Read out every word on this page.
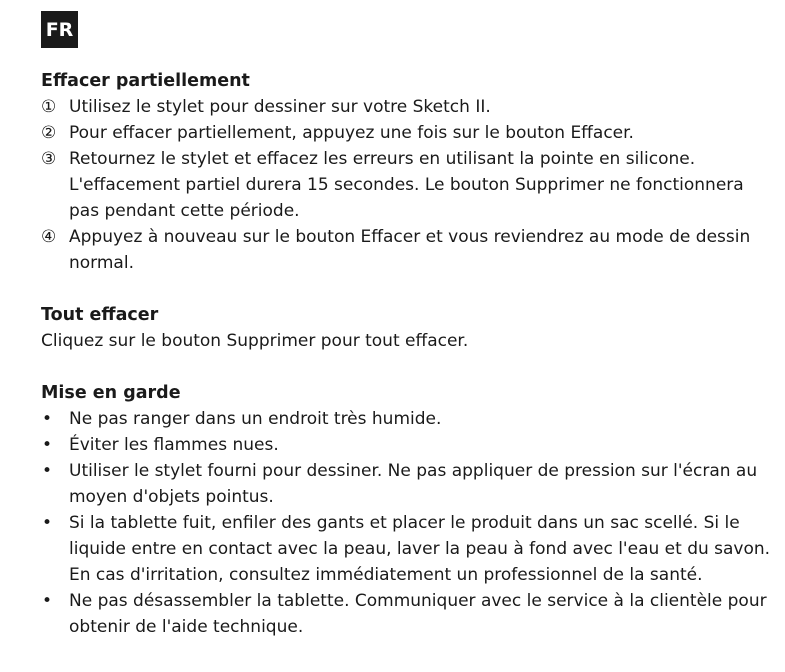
FR
Effacer partiellement
① Utilisez le stylet pour dessiner sur votre Sketch II.
② Pour effacer partiellement, appuyez une fois sur le bouton Effacer.
③ Retournez le stylet et effacez les erreurs en utilisant la pointe en silicone. L'effacement partiel durera 15 secondes. Le bouton Supprimer ne fonctionnera pas pendant cette période.
④ Appuyez à nouveau sur le bouton Effacer et vous reviendrez au mode de dessin normal.
Tout effacer

Cliquez sur le bouton Supprimer pour tout effacer.

Mise en garde
• Ne pas ranger dans un endroit très humide.
• Éviter les flammes nues.
• Utiliser le stylet fourni pour dessiner. Ne pas appliquer de pression sur l'écran au moyen d'objets pointus.
• Si la tablette fuit, enfiler des gants et placer le produit dans un sac scellé. Si le liquide entre en contact avec la peau, laver la peau à fond avec l'eau et du savon. En cas d'irritation, consultez immédiatement un professionnel de la santé.
• Ne pas désassembler la tablette. Communiquer avec le service à la clientèle pour obtenir de l'aide technique.
